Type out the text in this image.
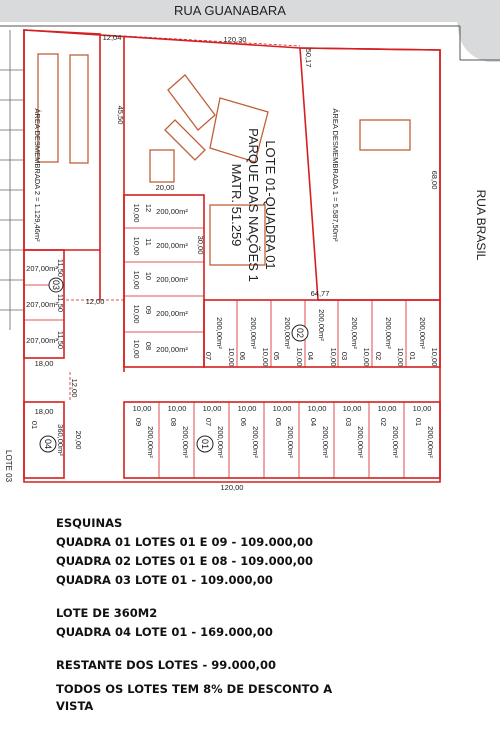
RUA GUANABARA
RUA BRASIL
LOTE 01-QUADRA 01
PARQUE DAS NAÇÕES 1
MATR. 51.259	ÁREA DESMEMBRADA 1 = 5.587,50m²
ÁREA DESMEMBRADA 2 = 1.129,46m²
120,30
50,17
68,00
45,50
12,04
20,00
120,00
64,77
30,00
12,00
12,00
18,00
18,00
20,00
11,50
11,50
11,50
207,00m²
207,00m²
207,00m²
200,00m²
12
10,00
200,00m²
11
10,00
200,00m²
10
10,00
200,00m²
09
10,00
200,00m²
08
10,00
200,00m²
07 10,00
200,00m²
06 10,00
200,00m²
05 10,00
200,00m²
04 10,00
200,00m²
03 10,00
200,00m²
02 10,00
200,00m²
01 10,00
200,00m²
09
10,00
200,00m²
08
10,00
200,00m²
07
10,00
200,00m²
06
10,00
200,00m²
05
10,00
200,00m²
04
10,00
200,00m²
03
10,00
200,00m²
02
10,00
200,00m²
01
10,00
360,00m²
01
01
02
03
04
LOTE 03
ESQUINAS
QUADRA 01 LOTES 01 E 09 - 109.000,00
QUADRA 02 LOTES 01 E 08 - 109.000,00
QUADRA 03 LOTE 01 - 109.000,00
LOTE DE 360M2
QUADRA 04 LOTE 01 - 169.000,00
RESTANTE DOS LOTES - 99.000,00
TODOS OS LOTES TEM 8% DE DESCONTO A VISTA
